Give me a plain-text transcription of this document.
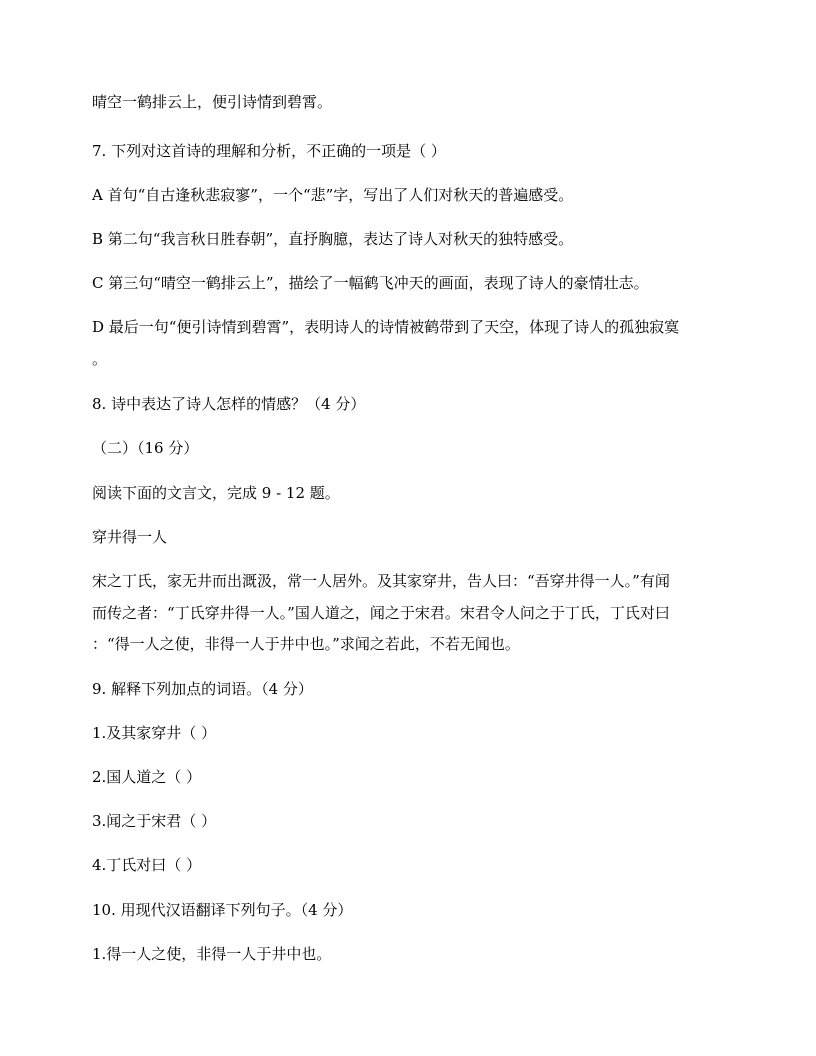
晴空一鹤排云上，便引诗情到碧霄。
7. 下列对这首诗的理解和分析，不正确的一项是（ ）
A 首句“自古逢秋悲寂寥”，一个“悲”字，写出了人们对秋天的普遍感受。
B 第二句“我言秋日胜春朝”，直抒胸臆，表达了诗人对秋天的独特感受。
C 第三句“晴空一鹤排云上”，描绘了一幅鹤飞冲天的画面，表现了诗人的豪情壮志。
D 最后一句“便引诗情到碧霄”，表明诗人的诗情被鹤带到了天空，体现了诗人的孤独寂寞
。
8. 诗中表达了诗人怎样的情感？（4 分）
（二）（16 分）
阅读下面的文言文，完成 9 - 12 题。
穿井得一人
宋之丁氏，家无井而出溉汲，常一人居外。及其家穿井，告人曰：“吾穿井得一人。”有闻
而传之者：“丁氏穿井得一人。”国人道之，闻之于宋君。宋君令人问之于丁氏，丁氏对曰
：“得一人之使，非得一人于井中也。”求闻之若此，不若无闻也。
9. 解释下列加点的词语。（4 分）
1.及其家穿井（ ）
2.国人道之（ ）
3.闻之于宋君（ ）
4.丁氏对曰（ ）
10. 用现代汉语翻译下列句子。（4 分）
1.得一人之使，非得一人于井中也。
